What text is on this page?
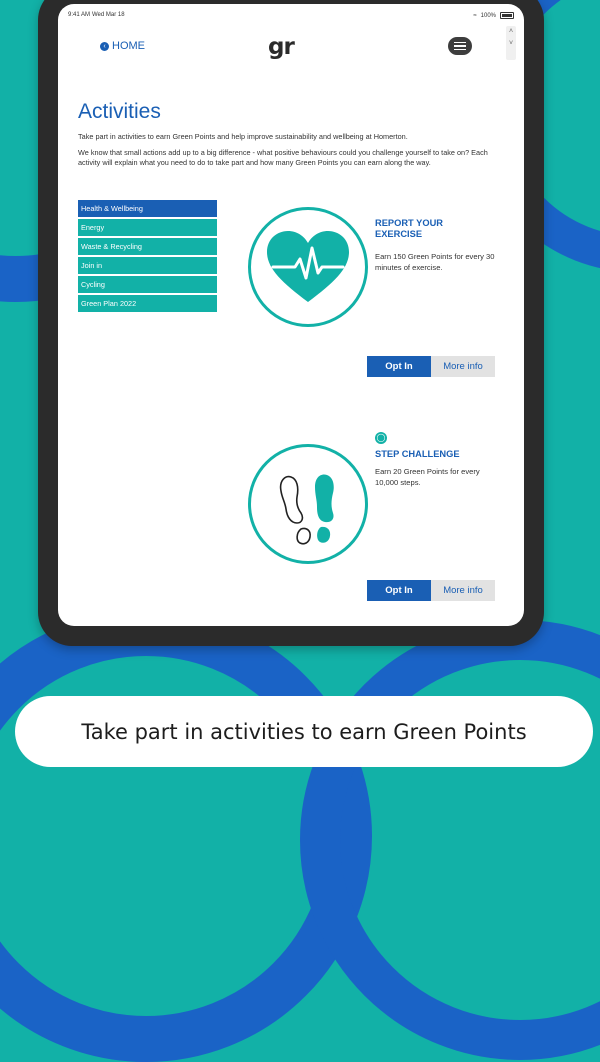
9:41 AM Wed Mar 18	≈ 100%
‹ HOME	gr
˄
˅
Activities

Take part in activities to earn Green Points and help improve sustainability and wellbeing at Homerton.

We know that small actions add up to a big difference - what positive behaviours could you challenge yourself to take on? Each activity will explain what you need to do to take part and how many Green Points you can earn along the way.

Health & Wellbeing
Energy
Waste & Recycling
Join in
Cycling
Green Plan 2022
REPORT YOUR EXERCISE
Earn 150 Green Points for every 30 minutes of exercise.
Opt In	More info
◯
STEP CHALLENGE
Earn 20 Green Points for every 10,000 steps.
Opt In	More info
Take part in activities to earn Green Points
